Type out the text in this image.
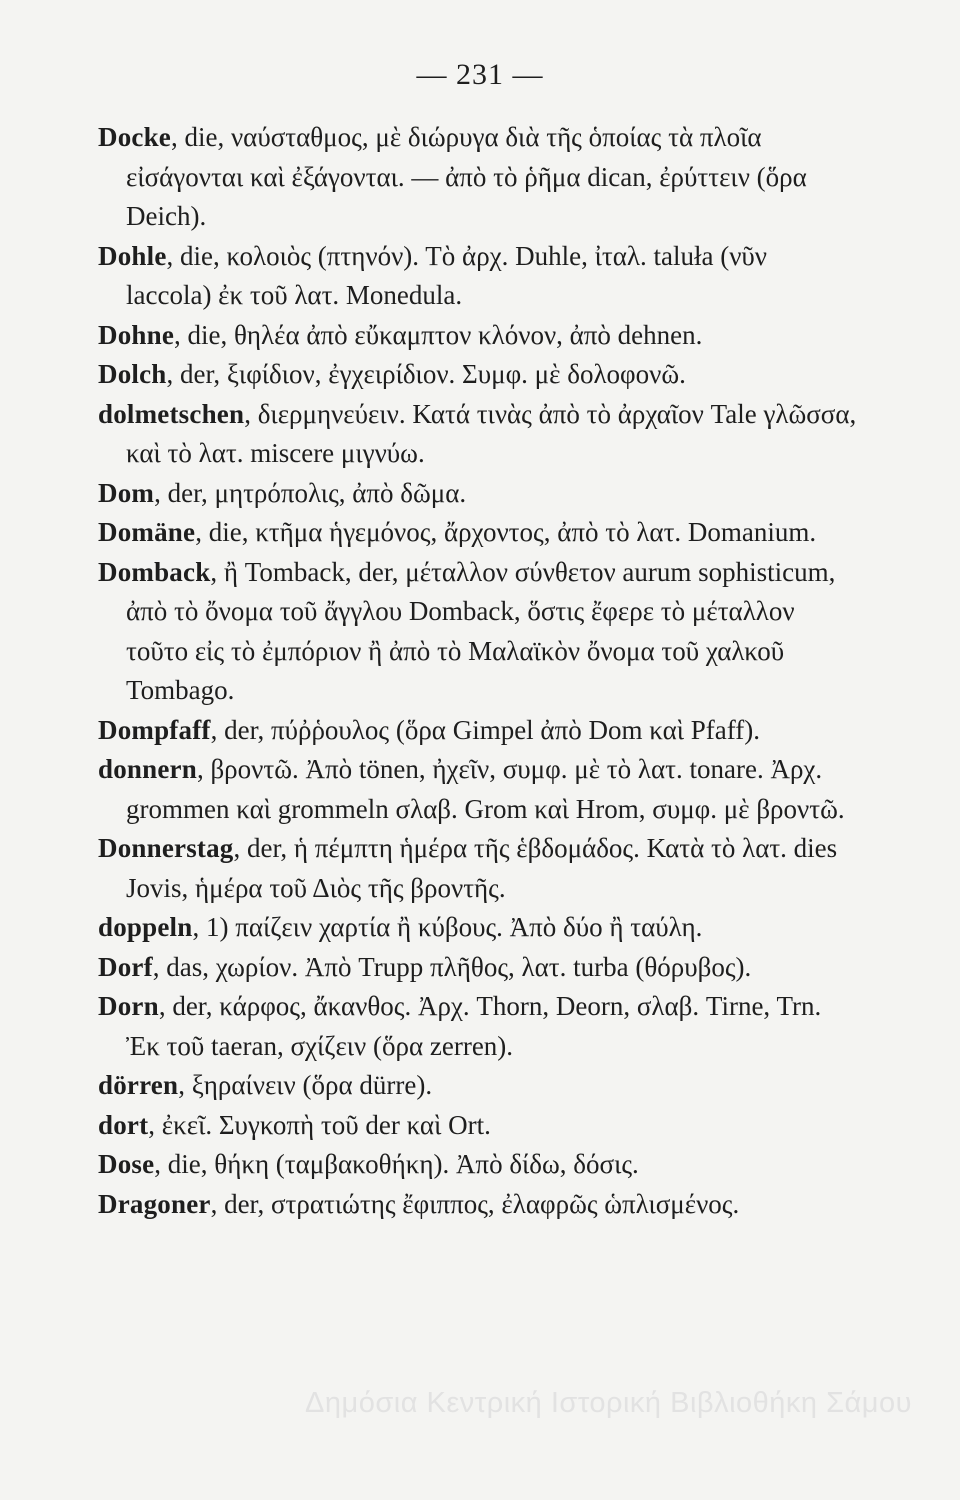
— 231 —
Docke, die, ναύσταθμος, μὲ διώρυγα διὰ τῆς ὁποίας τὰ πλοῖα εἰσάγονται καὶ ἐξάγονται. — ἀπὸ τὸ ῥῆμα dican, ἐρύττειν (ὅρα Deich).
Dohle, die, κολοιὸς (πτηνόν). Τὸ ἀρχ. Duhle, ἰταλ. taluła (νῦν laccola) ἐκ τοῦ λατ. Monedula.
Dohne, die, θηλέα ἀπὸ εὔκαμπτον κλόνον, ἀπὸ dehnen.
Dolch, der, ξιφίδιον, ἐγχειρίδιον. Συμφ. μὲ δολοφονῶ.
dolmetschen, διερμηνεύειν. Κατά τινὰς ἀπὸ τὸ ἀρχαῖον Tale γλῶσσα, καὶ τὸ λατ. miscere μιγνύω.
Dom, der, μητρόπολις, ἀπὸ δῶμα.
Domäne, die, κτῆμα ἡγεμόνος, ἄρχοντος, ἀπὸ τὸ λατ. Domanium.
Domback, ἢ Tomback, der, μέταλλον σύνθετον aurum sophisticum, ἀπὸ τὸ ὄνομα τοῦ ἄγγλου Domback, ὅστις ἔφερε τὸ μέταλλον τοῦτο εἰς τὸ ἐμπόριον ἢ ἀπὸ τὸ Μαλαϊκὸν ὄνομα τοῦ χαλκοῦ Tombago.
Dompfaff, der, πύῤῥουλος (ὅρα Gimpel ἀπὸ Dom καὶ Pfaff).
donnern, βροντῶ. Ἀπὸ tönen, ἠχεῖν, συμφ. μὲ τὸ λατ. tonare. Ἀρχ. grommen καὶ grommeln σλαβ. Grom καὶ Hrom, συμφ. μὲ βροντῶ.
Donnerstag, der, ἡ πέμπτη ἡμέρα τῆς ἑβδομάδος. Κατὰ τὸ λατ. dies Jovis, ἡμέρα τοῦ Διὸς τῆς βροντῆς.
doppeln, 1) παίζειν χαρτία ἢ κύβους. Ἀπὸ δύο ἢ ταύλη.
Dorf, das, χωρίον. Ἀπὸ Trupp πλῆθος, λατ. turba (θόρυβος).
Dorn, der, κάρφος, ἄκανθος. Ἀρχ. Thorn, Deorn, σλαβ. Tirne, Trn. Ἐκ τοῦ taeran, σχίζειν (ὅρα zerren).
dörren, ξηραίνειν (ὅρα dürre).
dort, ἐκεῖ. Συγκοπὴ τοῦ der καὶ Ort.
Dose, die, θήκη (ταμβακοθήκη). Ἀπὸ δίδω, δόσις.
Dragoner, der, στρατιώτης ἔφιππος, ἐλαφρῶς ὡπλισμένος.
Δημόσια Κεντρική Ιστορική Βιβλιοθήκη Σάμου
